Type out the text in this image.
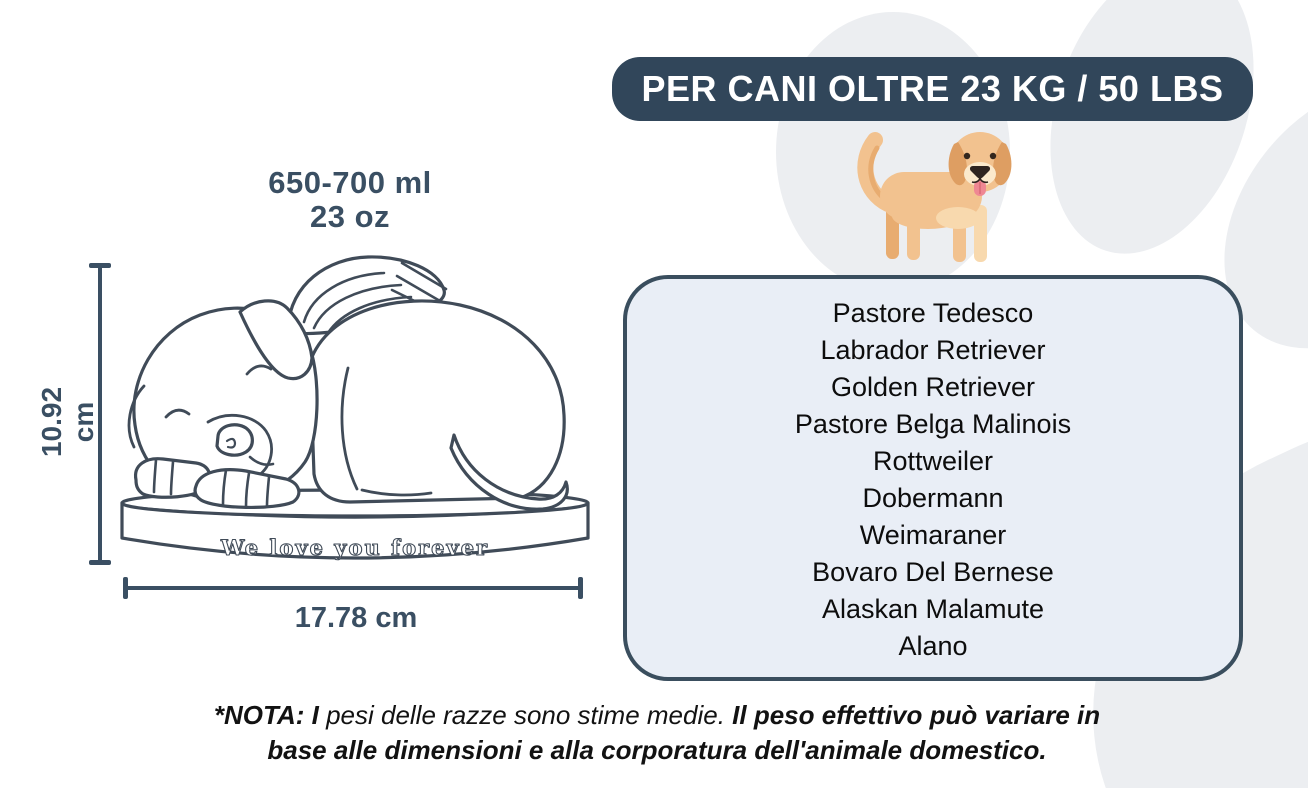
PER CANI OLTRE 23 KG / 50 LBS
650-700 ml
23 oz
10.92 cm
17.78 cm
We love you forever
Pastore Tedesco
Labrador Retriever
Golden Retriever
Pastore Belga Malinois
Rottweiler
Dobermann
Weimaraner
Bovaro Del Bernese
Alaskan Malamute
Alano
*NOTA: I pesi delle razze sono stime medie. Il peso effettivo può variare in base alle dimensioni e alla corporatura dell'animale domestico.
